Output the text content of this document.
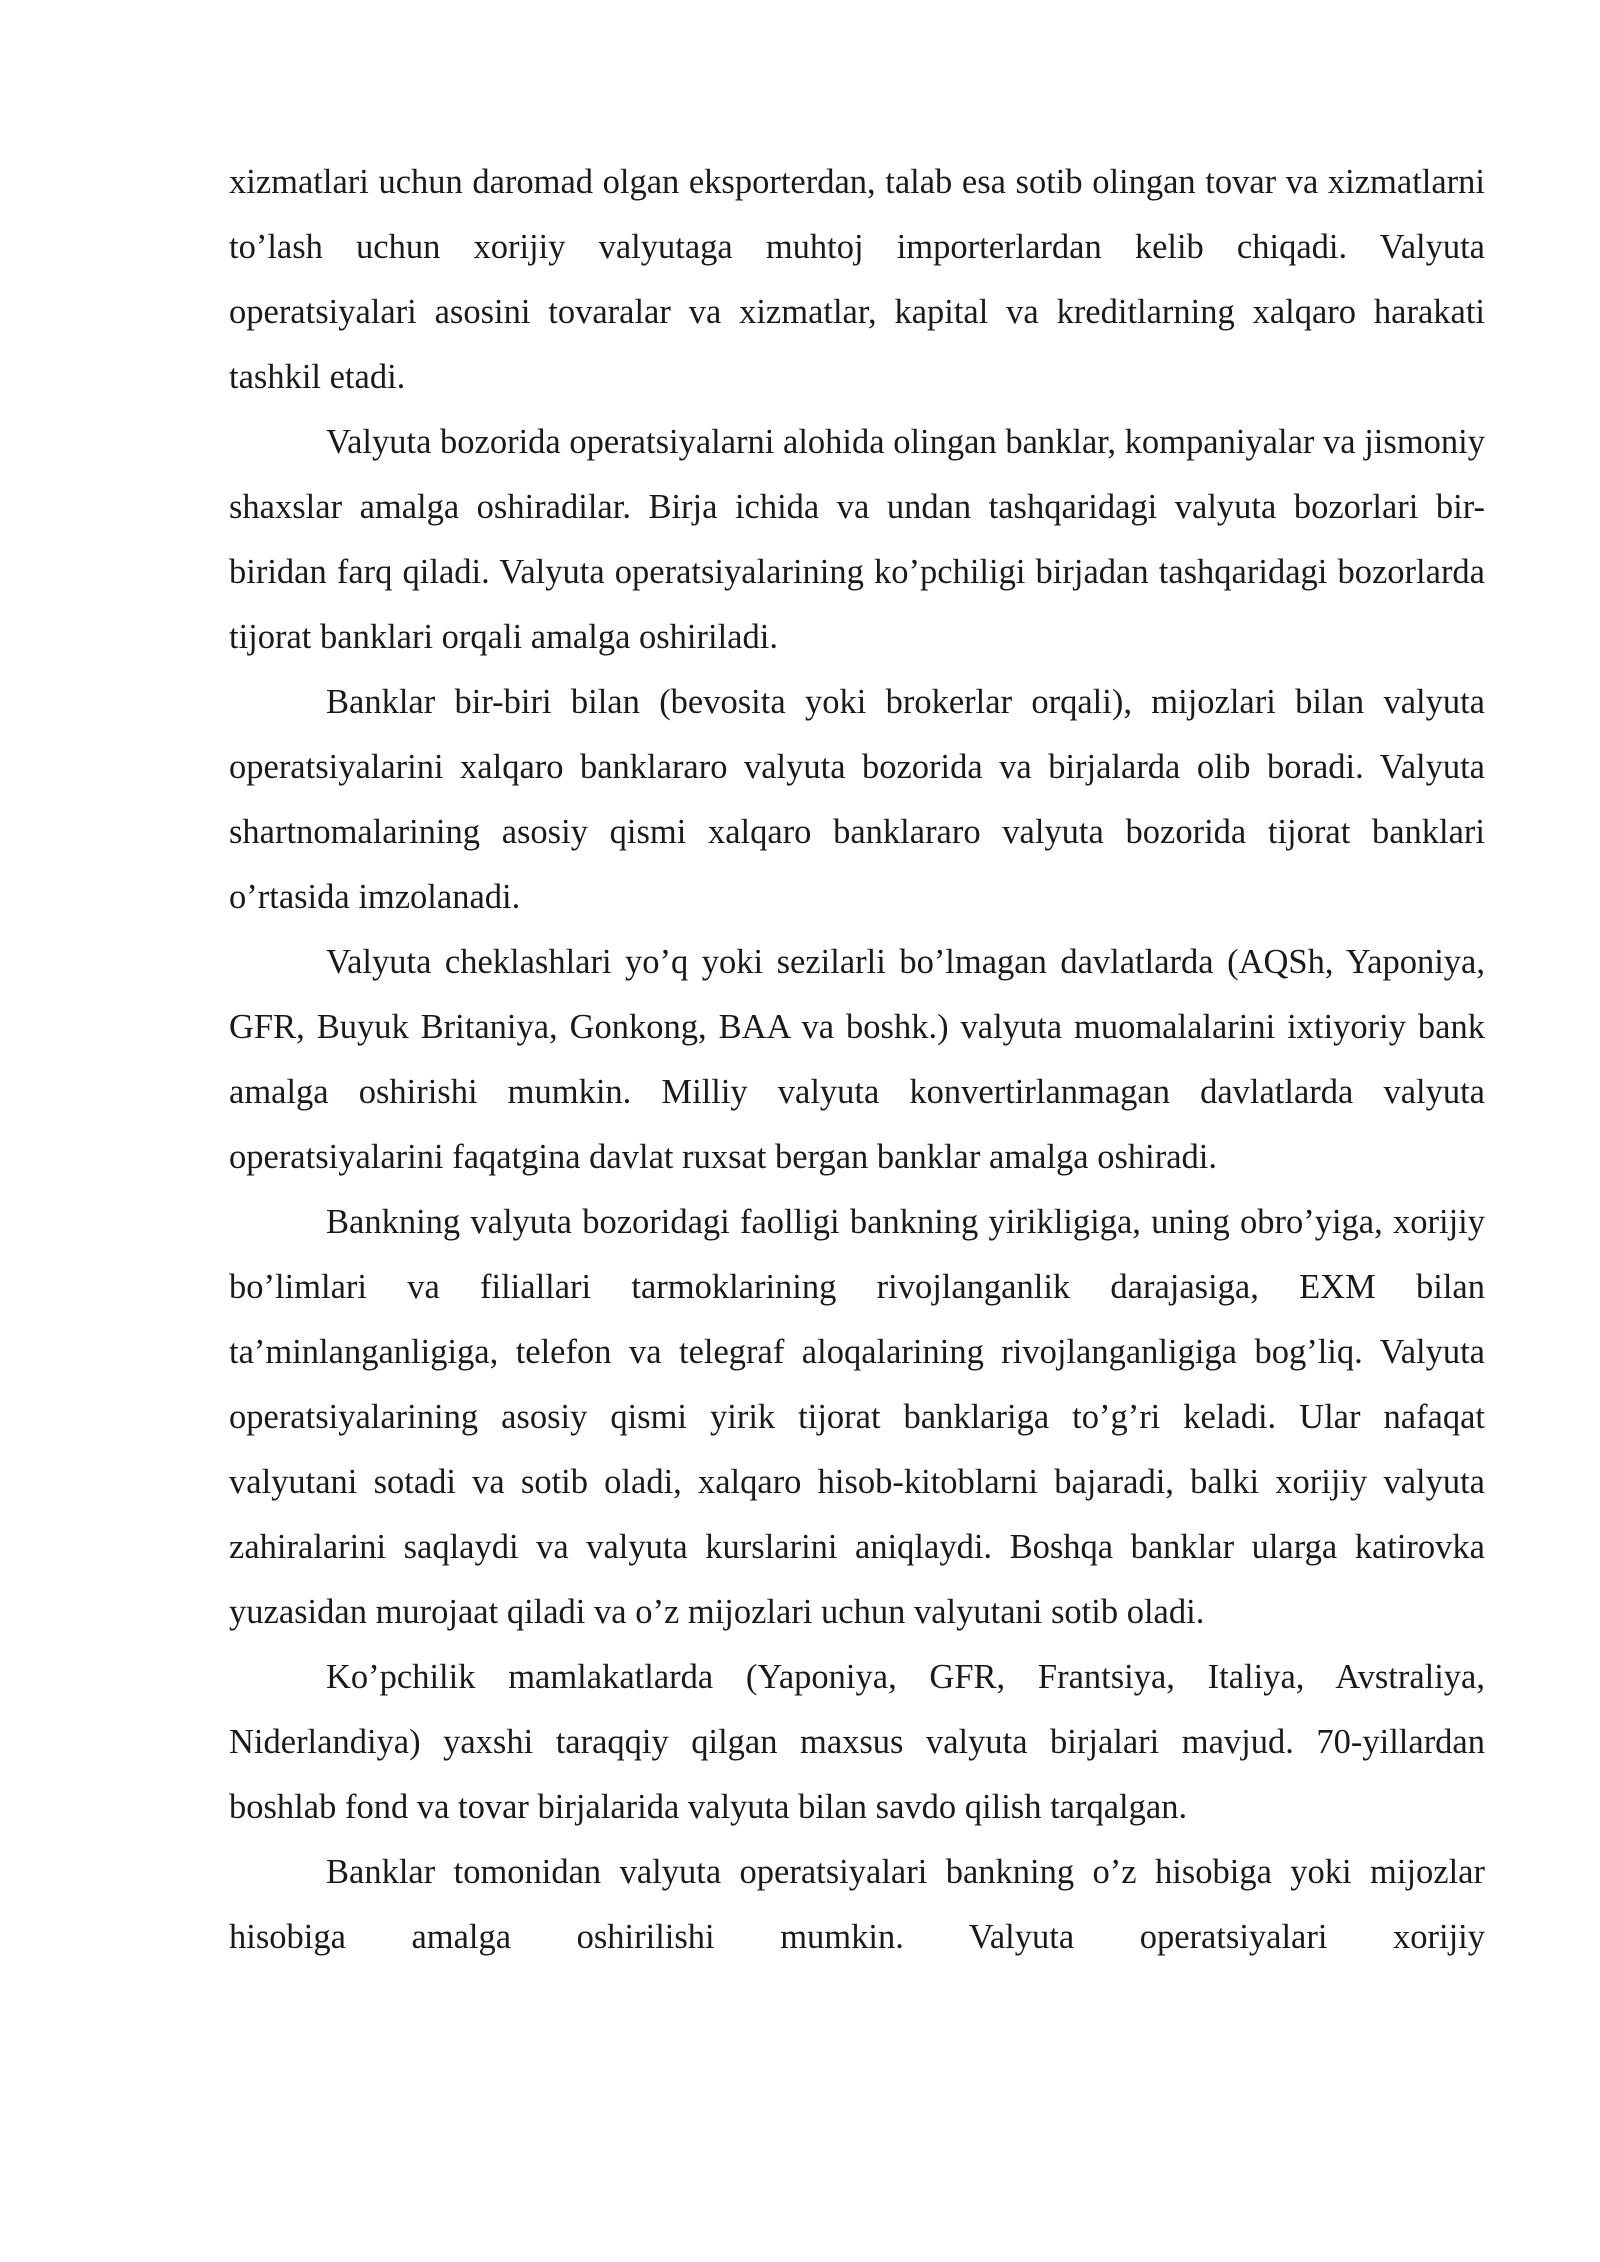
xizmatlari uchun daromad olgan eksporterdan, talab esa sotib olingan tovar va xizmatlarni to’lash uchun xorijiy valyutaga muhtoj importerlardan kelib chiqadi. Valyuta operatsiyalari asosini tovaralar va xizmatlar, kapital va kreditlarning xalqaro harakati tashkil etadi.

Valyuta bozorida operatsiyalarni alohida olingan banklar, kompaniyalar va jismoniy shaxslar amalga oshiradilar. Birja ichida va undan tashqaridagi valyuta bozorlari bir-biridan farq qiladi. Valyuta operatsiyalarining ko’pchiligi birjadan tashqaridagi bozorlarda tijorat banklari orqali amalga oshiriladi.

Banklar bir-biri bilan (bevosita yoki brokerlar orqali), mijozlari bilan valyuta operatsiyalarini xalqaro banklararo valyuta bozorida va birjalarda olib boradi. Valyuta shartnomalarining asosiy qismi xalqaro banklararo valyuta bozorida tijorat banklari o’rtasida imzolanadi.

Valyuta cheklashlari yo’q yoki sezilarli bo’lmagan davlatlarda (AQSh, Yaponiya, GFR, Buyuk Britaniya, Gonkong, BAA va boshk.) valyuta muomalalarini ixtiyoriy bank amalga oshirishi mumkin. Milliy valyuta konvertirlanmagan davlatlarda valyuta operatsiyalarini faqatgina davlat ruxsat bergan banklar amalga oshiradi.

Bankning valyuta bozoridagi faolligi bankning yirikligiga, uning obro’yiga, xorijiy bo’limlari va filiallari tarmoklarining rivojlanganlik darajasiga, EXM bilan ta’minlanganligiga, telefon va telegraf aloqalarining rivojlanganligiga bog’liq. Valyuta operatsiyalarining asosiy qismi yirik tijorat banklariga to’g’ri keladi. Ular nafaqat valyutani sotadi va sotib oladi, xalqaro hisob-kitoblarni bajaradi, balki xorijiy valyuta zahiralarini saqlaydi va valyuta kurslarini aniqlaydi. Boshqa banklar ularga katirovka yuzasidan murojaat qiladi va o’z mijozlari uchun valyutani sotib oladi.

Ko’pchilik mamlakatlarda (Yaponiya, GFR, Frantsiya, Italiya, Avstraliya, Niderlandiya) yaxshi taraqqiy qilgan maxsus valyuta birjalari mavjud. 70-yillardan boshlab fond va tovar birjalarida valyuta bilan savdo qilish tarqalgan.

Banklar tomonidan valyuta operatsiyalari bankning o’z hisobiga yoki mijozlar hisobiga amalga oshirilishi mumkin. Valyuta operatsiyalari xorijiy
